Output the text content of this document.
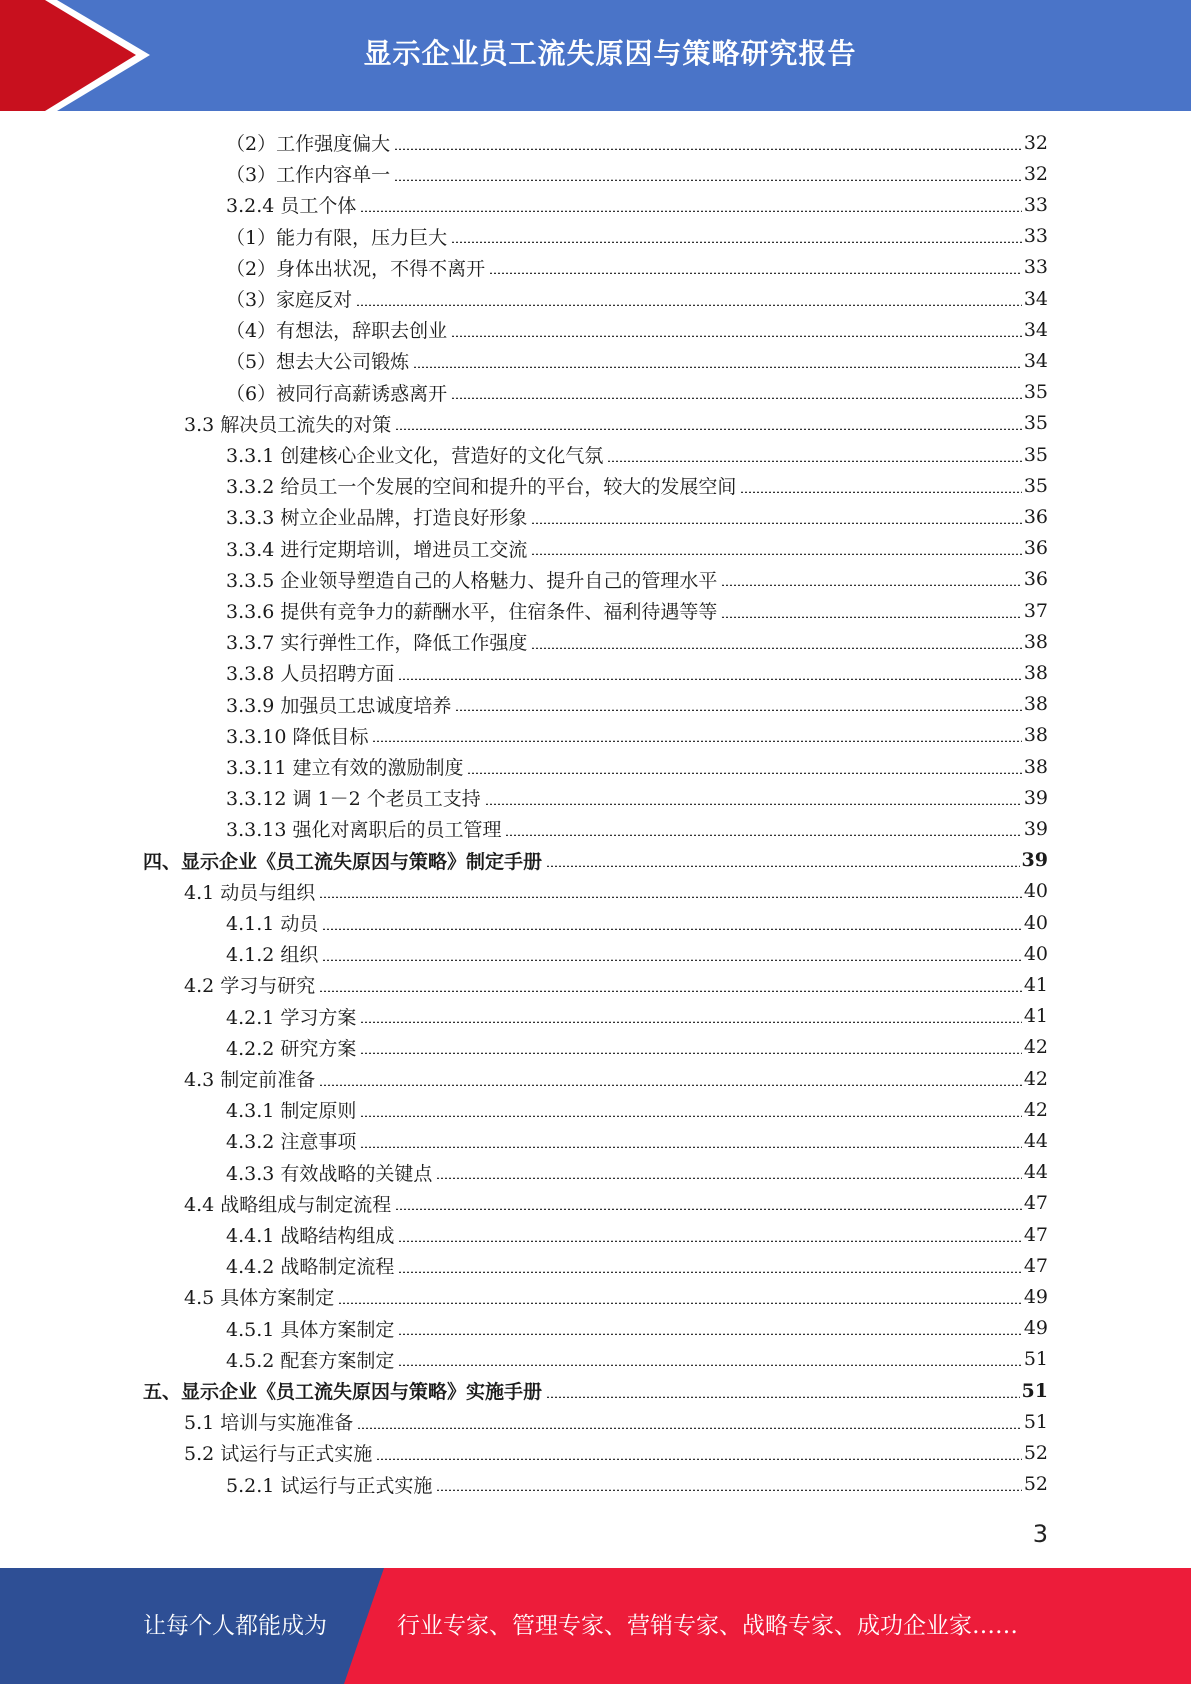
显示企业员工流失原因与策略研究报告
（2）工作强度偏大	32
（3）工作内容单一	32
3.2.4 员工个体	33
（1）能力有限，压力巨大	33
（2）身体出状况，不得不离开	33
（3）家庭反对	34
（4）有想法，辞职去创业	34
（5）想去大公司锻炼	34
（6）被同行高薪诱惑离开	35
3.3 解决员工流失的对策	35
3.3.1 创建核心企业文化，营造好的文化气氛	35
3.3.2 给员工一个发展的空间和提升的平台，较大的发展空间	35
3.3.3 树立企业品牌，打造良好形象	36
3.3.4 进行定期培训，增进员工交流	36
3.3.5 企业领导塑造自己的人格魅力、提升自己的管理水平	36
3.3.6 提供有竞争力的薪酬水平，住宿条件、福利待遇等等	37
3.3.7 实行弹性工作，降低工作强度	38
3.3.8 人员招聘方面	38
3.3.9 加强员工忠诚度培养	38
3.3.10 降低目标	38
3.3.11 建立有效的激励制度	38
3.3.12 调 1－2 个老员工支持	39
3.3.13 强化对离职后的员工管理	39
四、显示企业《员工流失原因与策略》制定手册	39
4.1 动员与组织	40
4.1.1 动员	40
4.1.2 组织	40
4.2 学习与研究	41
4.2.1 学习方案	41
4.2.2 研究方案	42
4.3 制定前准备	42
4.3.1 制定原则	42
4.3.2 注意事项	44
4.3.3 有效战略的关键点	44
4.4 战略组成与制定流程	47
4.4.1 战略结构组成	47
4.4.2 战略制定流程	47
4.5 具体方案制定	49
4.5.1 具体方案制定	49
4.5.2 配套方案制定	51
五、显示企业《员工流失原因与策略》实施手册	51
5.1 培训与实施准备	51
5.2 试运行与正式实施	52
5.2.1 试运行与正式实施	52
3
让每个人都能成为	行业专家、管理专家、营销专家、战略专家、成功企业家……
